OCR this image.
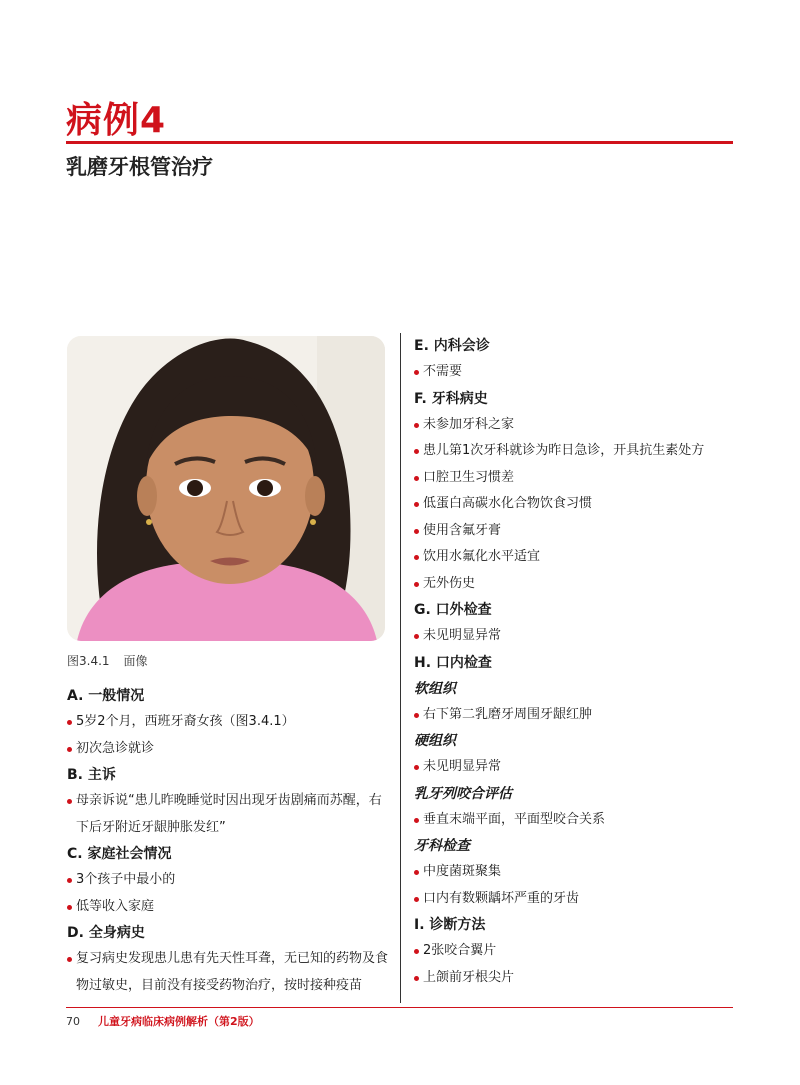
病例4
乳磨牙根管治疗
图3.4.1 面像
A. 一般情况
5岁2个月，西班牙裔女孩（图3.4.1）
初次急诊就诊
B. 主诉
母亲诉说“患儿昨晚睡觉时因出现牙齿剧痛而苏醒，右下后牙附近牙龈肿胀发红”
C. 家庭社会情况
3个孩子中最小的
低等收入家庭
D. 全身病史
复习病史发现患儿患有先天性耳聋，无已知的药物及食物过敏史，目前没有接受药物治疗，按时接种疫苗
E. 内科会诊
不需要
F. 牙科病史
未参加牙科之家
患儿第1次牙科就诊为昨日急诊，开具抗生素处方
口腔卫生习惯差
低蛋白高碳水化合物饮食习惯
使用含氟牙膏
饮用水氟化水平适宜
无外伤史
G. 口外检查
未见明显异常
H. 口内检查
软组织
右下第二乳磨牙周围牙龈红肿
硬组织
未见明显异常
乳牙列咬合评估
垂直末端平面，平面型咬合关系
牙科检查
中度菌斑聚集
口内有数颗龋坏严重的牙齿
I. 诊断方法
2张咬合翼片
上颌前牙根尖片
70 儿童牙病临床病例解析（第2版）
